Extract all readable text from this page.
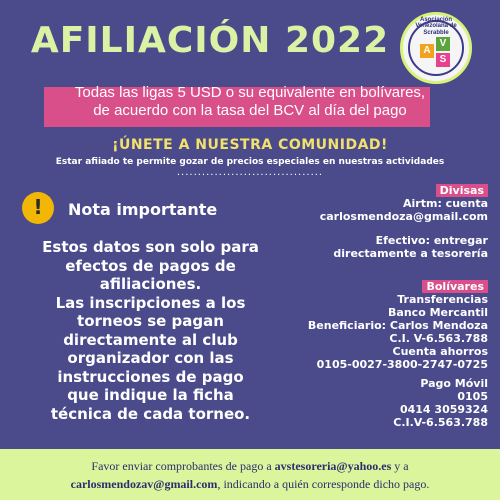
AFILIACIÓN 2022	Asociación Venezolana de Scrabble
A
V
S
Todas las ligas 5 USD o su equivalente en bolívares,
de acuerdo con la tasa del BCV al día del pago
¡ÚNETE A NUESTRA COMUNIDAD!
Estar afiiado te permite gozar de precios especiales en nuestras actividades
...................................
!	Nota importante
Estos datos son solo para
efectos de pagos de
afiliaciones.
Las inscripciones a los
torneos se pagan
directamente al club
organizador con las
instrucciones de pago
que indique la ficha
técnica de cada torneo.
Divisas
Airtm: cuenta
carlosmendoza@gmail.com
Efectivo: entregar
directamente a tesorería
Bolívares
Transferencias
Banco Mercantil
Beneficiario: Carlos Mendoza
C.I. V-6.563.788
Cuenta ahorros
0105-0027-3800-2747-0725
Pago Móvil
0105
0414 3059324
C.I.V-6.563.788
Favor enviar comprobantes de pago a avstesoreria@yahoo.es y a
carlosmendozav@gmail.com, indicando a quién corresponde dicho pago.
